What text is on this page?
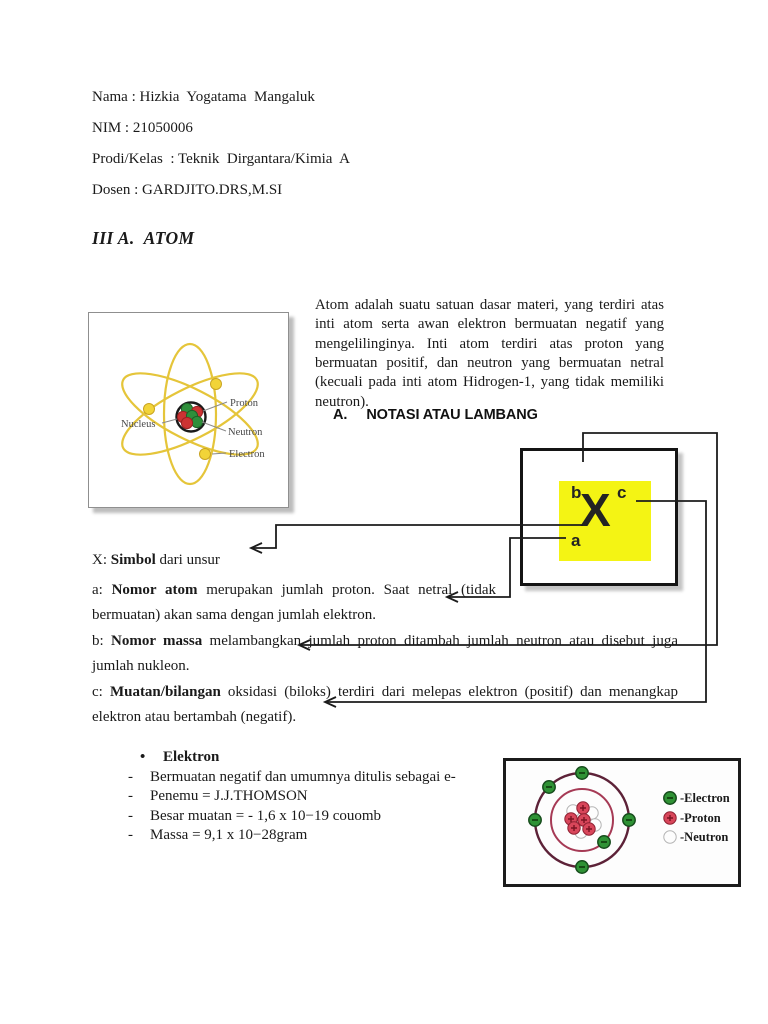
Nama : Hizkia  Yogatama  Mangaluk
NIM : 21050006
Prodi/Kelas  : Teknik  Dirgantara/Kimia  A
Dosen : GARDJITO.DRS,M.SI
III A. ATOM

Atom adalah suatu satuan dasar materi, yang terdiri atas inti atom serta awan elektron bermuatan negatif yang mengelilinginya. Inti atom terdiri atas proton yang bermuatan positif, dan neutron yang bermuatan netral (kecuali pada inti atom Hidrogen-1, yang tidak memiliki neutron).

A. NOTASI ATAU LAMBANG
Nucleus
Proton
Neutron
Electron
b c
X
a

X: Simbol dari unsur

a: Nomor atom merupakan jumlah proton. Saat netral (tidak bermuatan) akan sama dengan jumlah elektron.

b: Nomor massa melambangkan jumlah proton ditambah jumlah neutron atau disebut juga jumlah nukleon.

c: Muatan/bilangan oksidasi (biloks) terdiri dari melepas elektron (positif) dan menangkap elektron atau bertambah (negatif).

•	Elektron
-	Bermuatan negatif dan umumnya ditulis sebagai e-
-	Penemu = J.J.THOMSON
-	Besar muatan = - 1,6 x 10−19 couomb
-	Massa = 9,1 x 10−28gram
-Electron
-Proton
-Neutron
